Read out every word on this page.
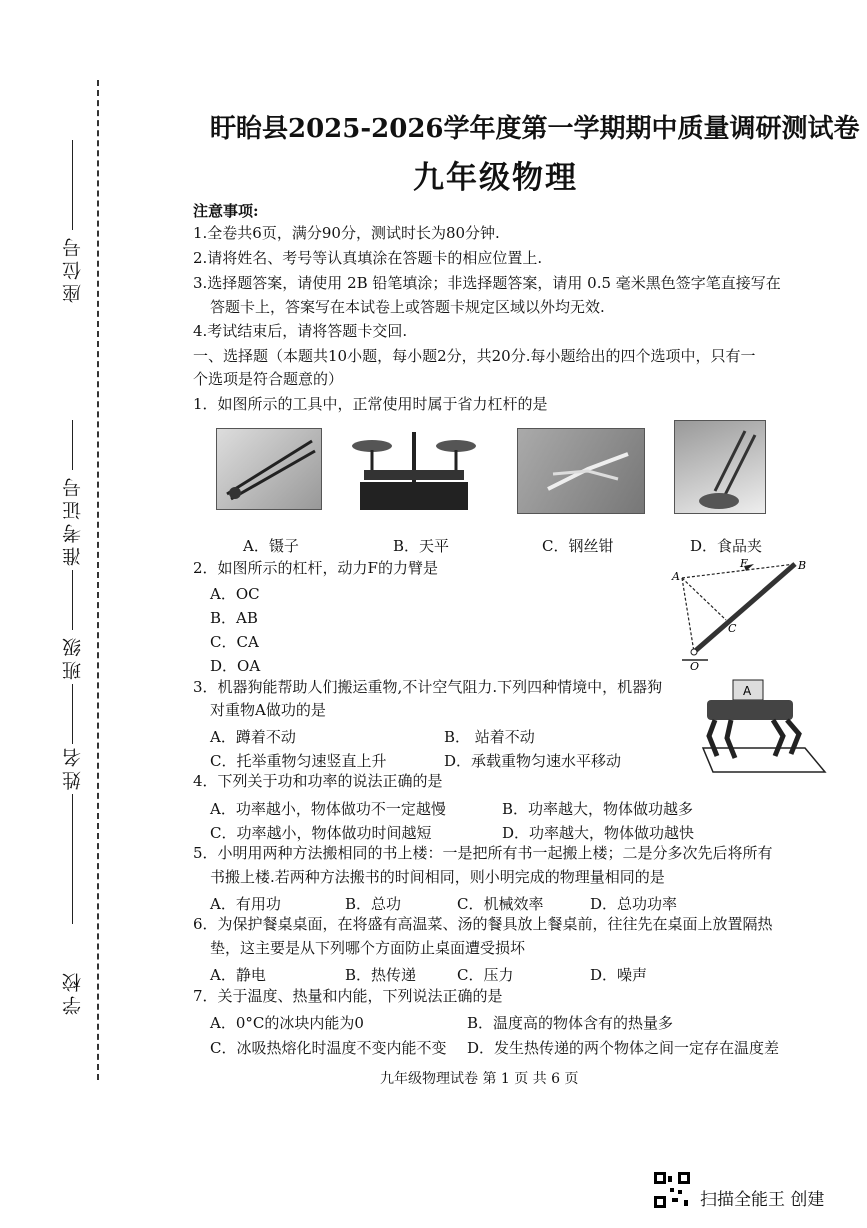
座位号
准考证号
班级
姓名
学校
盱眙县2025-2026学年度第一学期期中质量调研测试卷
九年级物理
注意事项:
1.全卷共6页，满分90分，测试时长为80分钟.
2.请将姓名、考号等认真填涂在答题卡的相应位置上.
3.选择题答案，请使用 2B 铅笔填涂；非选择题答案，请用 0.5 毫米黑色签字笔直接写在
答题卡上，答案写在本试卷上或答题卡规定区域以外均无效.
4.考试结束后，请将答题卡交回.
一、选择题（本题共10小题，每小题2分，共20分.每小题给出的四个选项中，只有一
个选项是符合题意的）
1．如图所示的工具中，正常使用时属于省力杠杆的是
A．镊子	B．天平	C．钢丝钳	D．食品夹
2．如图所示的杠杆，动力F的力臂是
A．OC
B．AB
C．CA
D．OA
A
B
F
C
O
3．机器狗能帮助人们搬运重物,不计空气阻力.下列四种情境中，机器狗
对重物A做功的是
A．蹲着不动	B． 站着不动
C．托举重物匀速竖直上升	D．承载重物匀速水平移动
A
4．下列关于功和功率的说法正确的是
A．功率越小，物体做功不一定越慢	B．功率越大，物体做功越多
C．功率越小，物体做功时间越短	D．功率越大，物体做功越快
5．小明用两种方法搬相同的书上楼：一是把所有书一起搬上楼；二是分多次先后将所有
书搬上楼.若两种方法搬书的时间相同，则小明完成的物理量相同的是
A．有用功	B．总功	C．机械效率	D．总功功率
6．为保护餐桌桌面，在将盛有高温菜、汤的餐具放上餐桌前，往往先在桌面上放置隔热
垫，这主要是从下列哪个方面防止桌面遭受损坏
A．静电	B．热传递	C．压力	D．噪声
7．关于温度、热量和内能，下列说法正确的是
A．0°C的冰块内能为0	B．温度高的物体含有的热量多
C．冰吸热熔化时温度不变内能不变 D．发生热传递的两个物体之间一定存在温度差
九年级物理试卷 第 1 页 共 6 页
扫描全能王 创建
